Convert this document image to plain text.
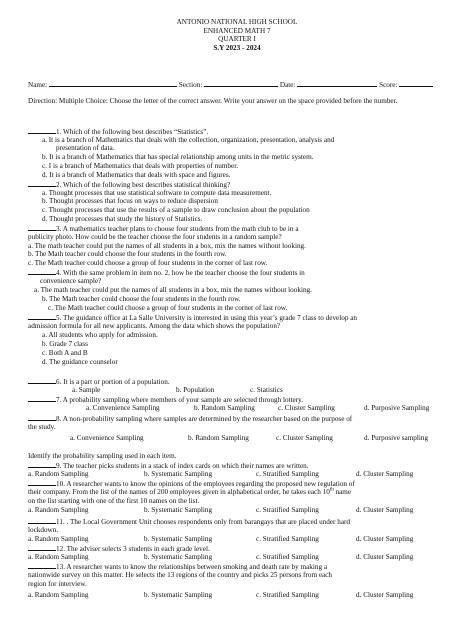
ANTONIO NATIONAL HIGH SCHOOL
ENHANCED MATH 7
QUARTER I
S.Y 2023 - 2024
Name:	Section:	Date:	Score:
Direction: Multiple Choice: Choose the letter of the correct answer. Write your answer on the space provided before the number.
1. Which of the following best describes “Statistics”.
a. It is a branch of Mathematics that deals with the collection, organization, presentation, analysis and
presentation of data.
b. It is a branch of Mathematics that has special relationship among units in the metric system.
c. I is a branch of Mathematics that deals with properties of number.
d. It is a branch of Mathematics that deals with space and figures.
2. Which of the following best describes statistical thinking?
a. Thought processes that use statistical software to compute data measurement.
b. Thought processes that focus on ways to reduce dispersion
c. Thought processes that use the results of a sample to draw conclusion about the population
d. Thought processes that study the history of Statistics.
3. A mathematics teacher plans to choose four students from the math club to be in a
publicity photo. How could be the teacher choose the four students in a random sample?
a. The math teacher could put the names of all students in a box, mix the names without looking.
b. The Math teacher could choose the four students in the fourth row.
c. The Math teacher could choose a group of four students in the corner of last row.
4. With the same problem in item no. 2, how be the teacher choose the four students in
convenience sample?
a. The math teacher could put the names of all students in a box, mix the names without looking.
b. The Math teacher could choose the four students in the fourth row.
c. The Math teacher could choose a group of four students in the corner of last row.
5. The guidance office at La Salle University is interested in using this year’s grade 7 class to develop an
admission formula for all new applicants. Among the data which shows the population?
a. All students who apply for admission.
b. Grade 7 class
c. Both A and B
d. The guidance counselor
6. It is a part or portion of a population.
a. Sample	b. Population	c. Statistics
7. A probability sampling where members of your sample are selected through lottery.
a. Convenience Sampling	b. Random Sampling	c. Cluster Sampling	d. Purposive Sampling
8. A non-probability sampling where samples are determined by the researcher based on the purpose of
the study.
a. Convenience Sampling	b. Random Sampling	c. Cluster Sampling	d. Purposive sampling
Identify the probability sampling used in each item.
9. The teacher picks students in a stack of index cards on which their names are written.
a. Random Sampling	b. Systematic Sampling	c. Stratified Sampling	d. Cluster Sampling
10. A researcher wants to know the opinions of the employees regarding the proposed new regulation of
their company. From the list of the names of 200 employees given in alphabetical order, he takes each 10th name
on the list starting with one of the first 10 names on the list.
a. Random Sampling	b. Systematic Sampling	c. Stratified Sampling	d. Cluster Sampling
11. . The Local Government Unit chooses respondents only from barangays that are placed under hard
lockdown.
a. Random Sampling	b. Systematic Sampling	c. Stratified Sampling	d. Cluster Sampling
12. The adviser selects 3 students in each grade level.
a. Random Sampling	b. Systematic Sampling	c. Stratified Sampling	d. Cluster Sampling
13. A researcher wants to know the relationships between smoking and death rate by making a
nationwide survey on this matter. He selects the 13 regions of the country and picks 25 persons from each
region for interview.
a. Random Sampling	b. Systematic Sampling	c. Stratified Sampling	d. Cluster Sampling
